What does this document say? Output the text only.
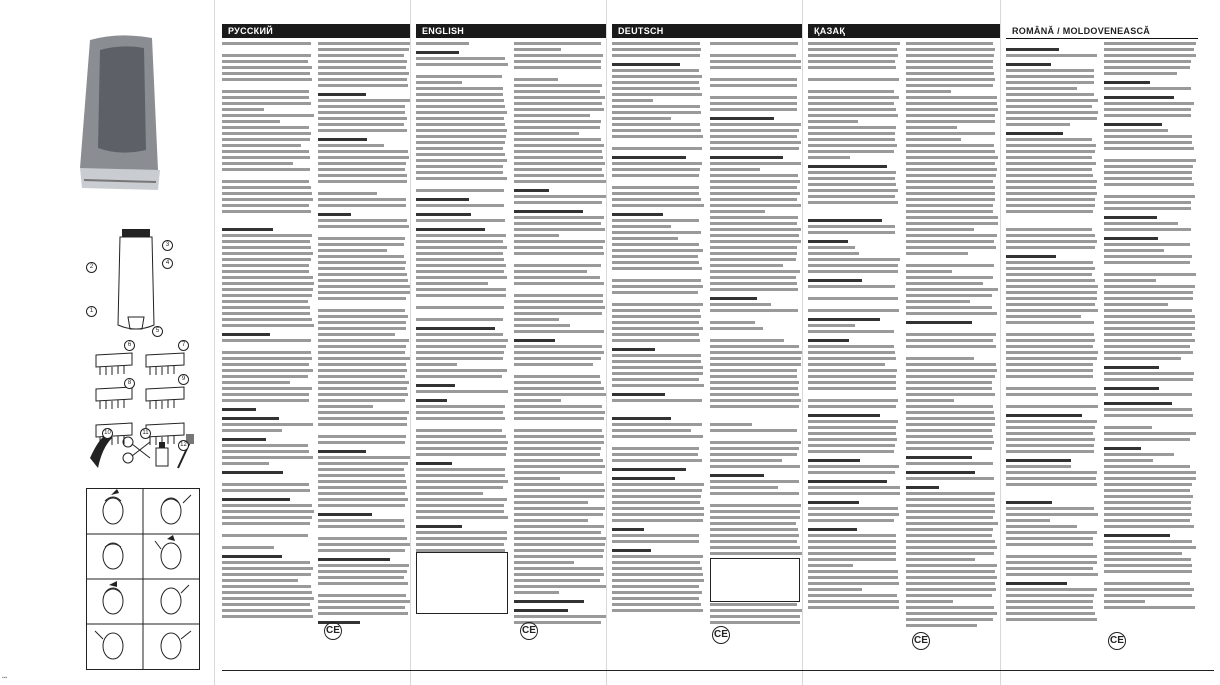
1
2
3
4
5
6	7
8
9
10	11
12
▪▪▪
РУССКИЙ	ENGLISH	DEUTSCH	ҚАЗАҚ	ROMÂNĂ / MOLDOVENEASCĂ
CE	CE	CE
CE	CE
